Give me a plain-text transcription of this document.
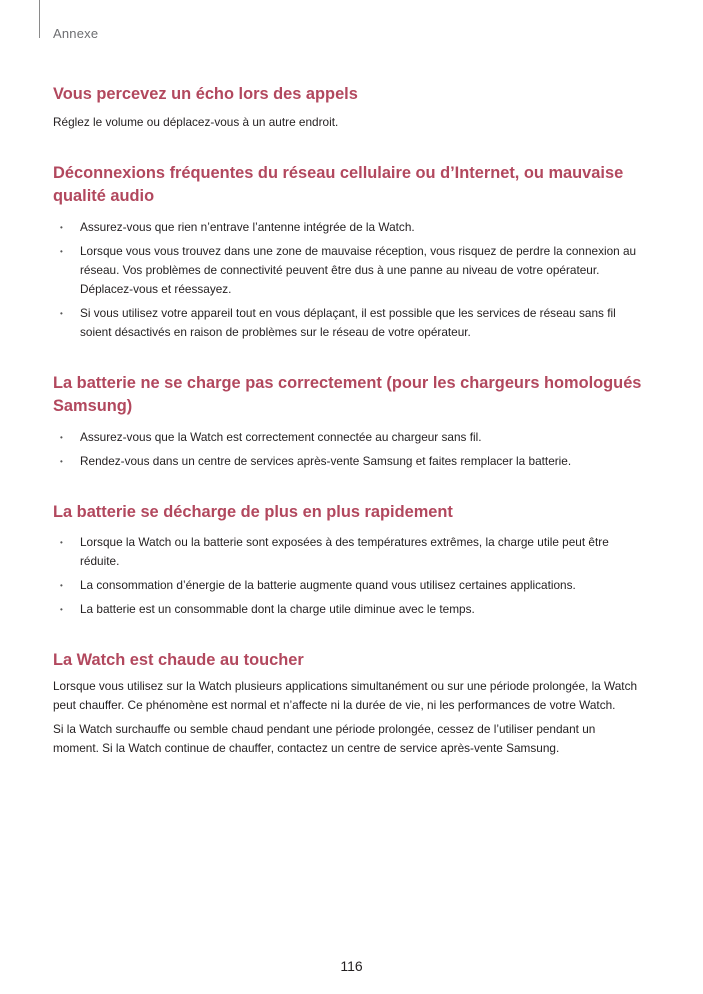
Annexe
Vous percevez un écho lors des appels

Réglez le volume ou déplacez-vous à un autre endroit.

Déconnexions fréquentes du réseau cellulaire ou d’Internet, ou mauvaise
qualité audio
• Assurez-vous que rien n’entrave l’antenne intégrée de la Watch.
• Lorsque vous vous trouvez dans une zone de mauvaise réception, vous risquez de perdre la connexion au réseau. Vos problèmes de connectivité peuvent être dus à une panne au niveau de votre opérateur. Déplacez-vous et réessayez.
• Si vous utilisez votre appareil tout en vous déplaçant, il est possible que les services de réseau sans fil soient désactivés en raison de problèmes sur le réseau de votre opérateur.
La batterie ne se charge pas correctement (pour les chargeurs homologués
Samsung)
• Assurez-vous que la Watch est correctement connectée au chargeur sans fil.
• Rendez-vous dans un centre de services après-vente Samsung et faites remplacer la batterie.
La batterie se décharge de plus en plus rapidement
• Lorsque la Watch ou la batterie sont exposées à des températures extrêmes, la charge utile peut être réduite.
• La consommation d’énergie de la batterie augmente quand vous utilisez certaines applications.
• La batterie est un consommable dont la charge utile diminue avec le temps.
La Watch est chaude au toucher

Lorsque vous utilisez sur la Watch plusieurs applications simultanément ou sur une période prolongée, la Watch peut chauffer. Ce phénomène est normal et n’affecte ni la durée de vie, ni les performances de votre Watch.

Si la Watch surchauffe ou semble chaud pendant une période prolongée, cessez de l’utiliser pendant un moment. Si la Watch continue de chauffer, contactez un centre de service après-vente Samsung.

116
